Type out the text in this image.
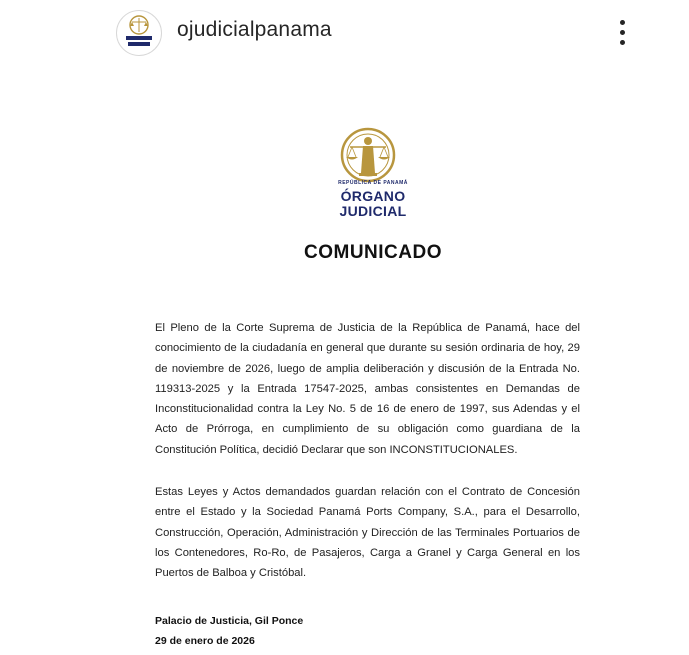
ojudicialpanama
REPÚBLICA DE PANAMÁ
ÓRGANO
JUDICIAL
COMUNICADO

El Pleno de la Corte Suprema de Justicia de la República de Panamá, hace del conocimiento de la ciudadanía en general que durante su sesión ordinaria de hoy, 29 de noviembre de 2026, luego de amplia deliberación y discusión de la Entrada No. 119313-2025 y la Entrada 17547-2025, ambas consistentes en Demandas de Inconstitucionalidad contra la Ley No. 5 de 16 de enero de 1997, sus Adendas y el Acto de Prórroga, en cumplimiento de su obligación como guardiana de la Constitución Política, decidió Declarar que son INCONSTITUCIONALES.

Estas Leyes y Actos demandados guardan relación con el Contrato de Concesión entre el Estado y la Sociedad Panamá Ports Company, S.A., para el Desarrollo, Construcción, Operación, Administración y Dirección de las Terminales Portuarios de los Contenedores, Ro-Ro, de Pasajeros, Carga a Granel y Carga General en los Puertos de Balboa y Cristóbal.

Palacio de Justicia, Gil Ponce
29 de enero de 2026
